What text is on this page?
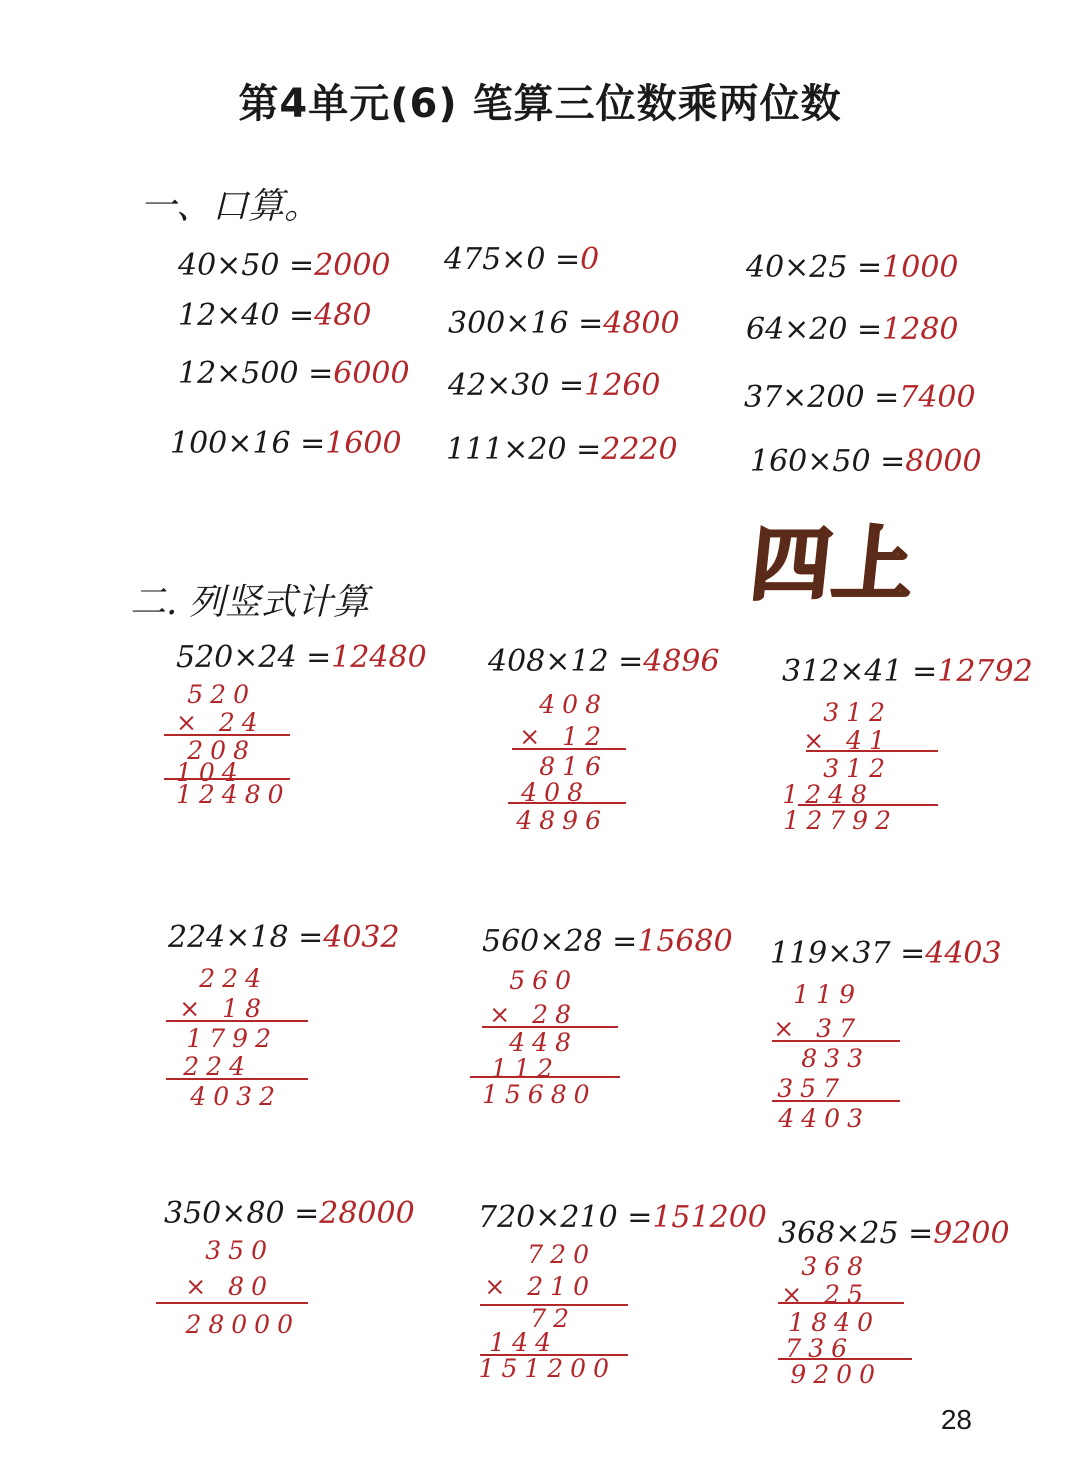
第4单元(6) 笔算三位数乘两位数
一、口算。
40×50 =2000
12×40 =480
12×500 =6000
100×16 =1600
475×0 =0
300×16 =4800
42×30 =1260
111×20 =2220
40×25 =1000
64×20 =1280
37×200 =7400
160×50 =8000
四上
二. 列竖式计算
520×24 =12480
520
× 24
208
104
12480
408×12 =4896
408
× 12
816
408
4896
312×41 =12792
312
× 41
312
1248
12792
224×18 =4032
224
× 18
1792
224
4032
560×28 =15680
560
× 28
448
112
15680
119×37 =4403
119
× 37
833
357
4403
350×80 =28000
350
× 80
28000
720×210 =151200
720
× 210
72
144
151200
368×25 =9200
368
× 25
1840
736
9200
28
